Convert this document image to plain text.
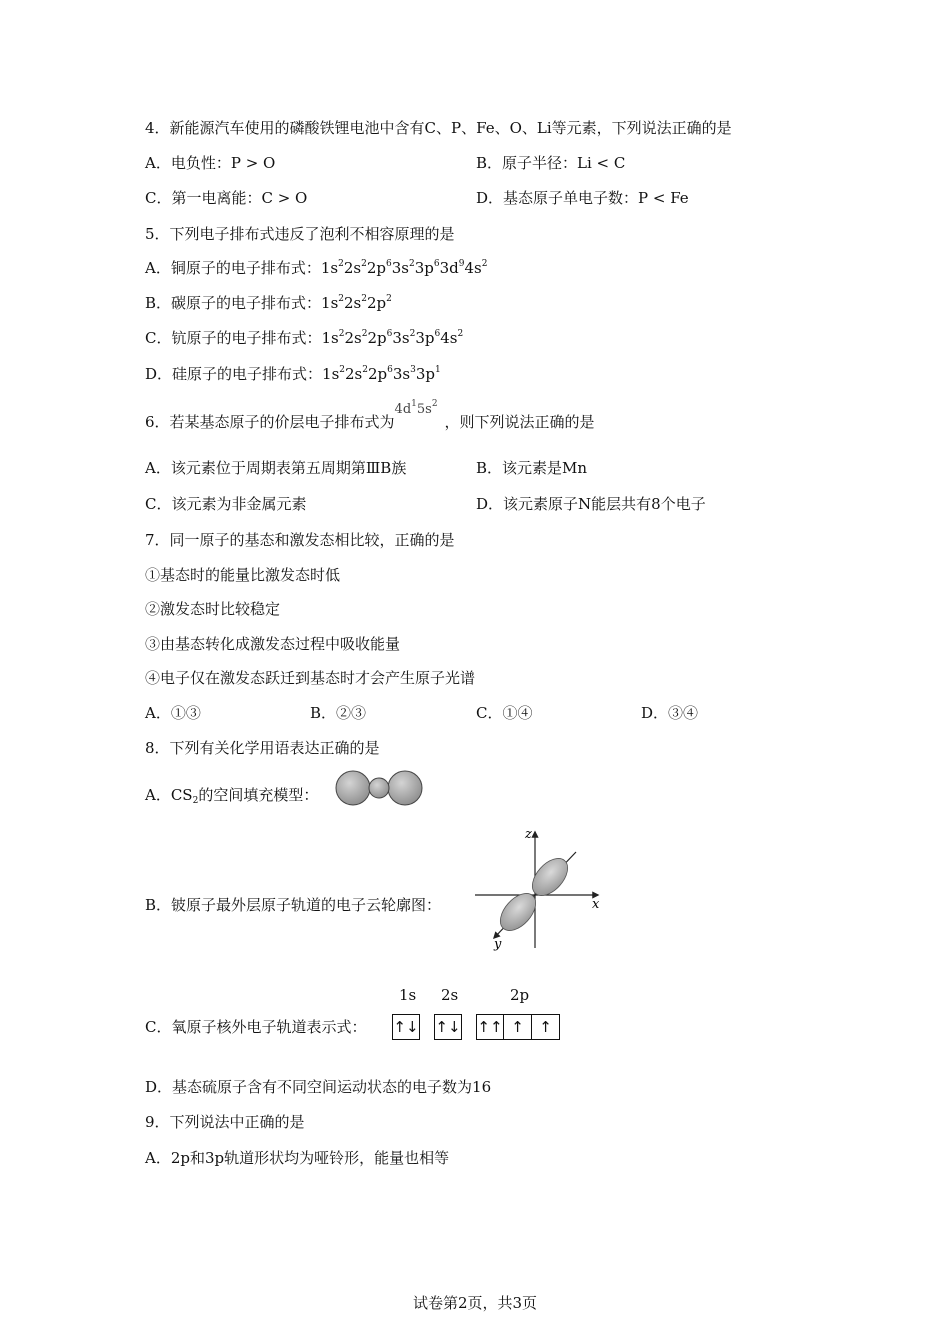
4．新能源汽车使用的磷酸铁锂电池中含有C、P、Fe、O、Li等元素，下列说法正确的是
A．电负性：P > O	B．原子半径：Li < C
C．第一电离能：C > O	D．基态原子单电子数：P < Fe
5．下列电子排布式违反了泡利不相容原理的是
A．铜原子的电子排布式：$1s^22s^22p^63s^23p^63d^94s^2$
B．碳原子的电子排布式：$1s^22s^22p^2$
C．钪原子的电子排布式：$1s^22s^22p^63s^23p^64s^2$
D．硅原子的电子排布式：$1s^22s^22p^63s^33p^1$
6．若某基态原子的价层电子排布式为$4d^15s^2$，则下列说法正确的是
A．该元素位于周期表第五周期第ⅢB族	B．该元素是Mn
C．该元素为非金属元素	D．该元素原子N能层共有8个电子
7．同一原子的基态和激发态相比较，正确的是
①基态时的能量比激发态时低
②激发态时比较稳定
③由基态转化成激发态过程中吸收能量
④电子仅在激发态跃迁到基态时才会产生原子光谱
A．①③	B．②③	C．①④	D．③④
8．下列有关化学用语表达正确的是
A．$CS_2$的空间填充模型：
B．铍原子最外层原子轨道的电子云轮廓图：
z
x
y
C．氧原子核外电子轨道表示式：
1s 2s	2p
↑↓ ↑↓ ↑↑ ↑	↑
D．基态硫原子含有不同空间运动状态的电子数为16
9．下列说法中正确的是
A．2p和3p轨道形状均为哑铃形，能量也相等
试卷第2页，共3页
